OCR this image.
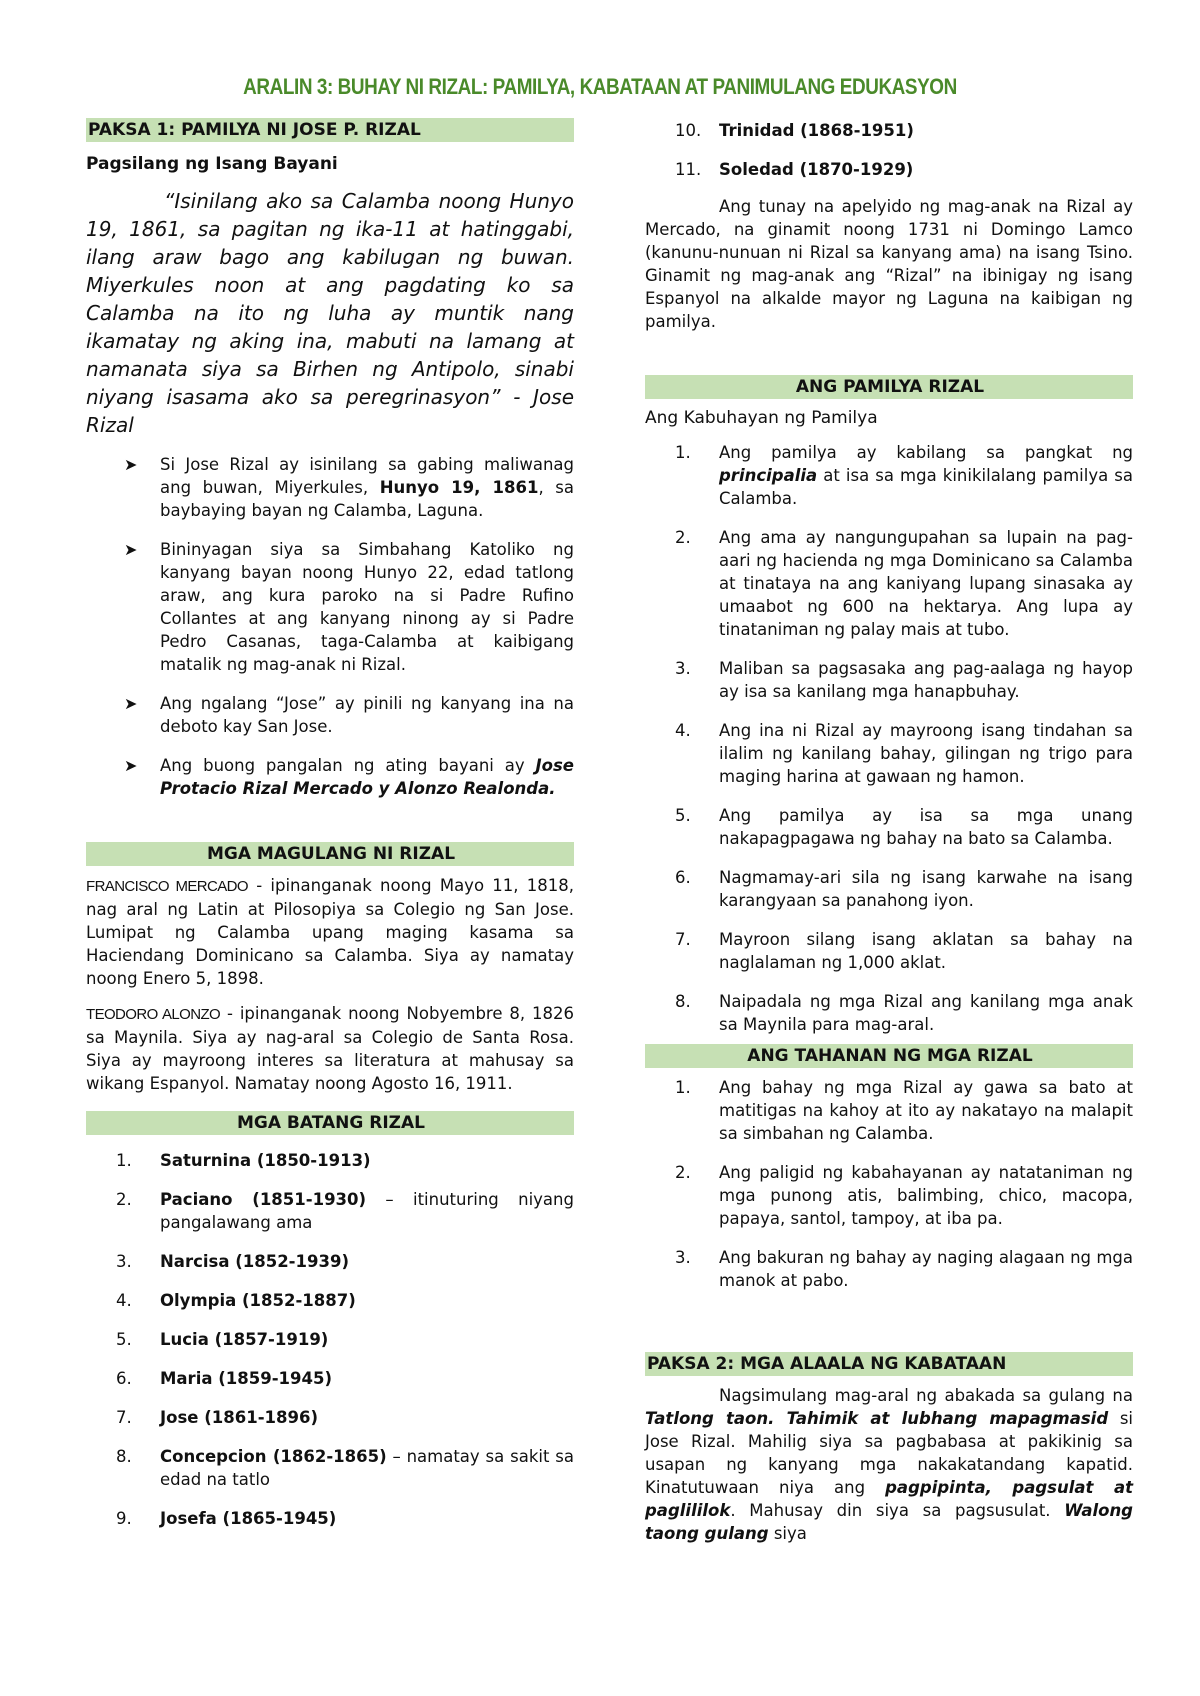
ARALIN 3: BUHAY NI RIZAL: PAMILYA, KABATAAN AT PANIMULANG EDUKASYON
PAKSA 1: PAMILYA NI JOSE P. RIZAL
Pagsilang ng Isang Bayani
“Isinilang ako sa Calamba noong Hunyo 19, 1861, sa pagitan ng ika-11 at hatinggabi, ilang araw bago ang kabilugan ng buwan. Miyerkules noon at ang pagdating ko sa Calamba na ito ng luha ay muntik nang ikamatay ng aking ina, mabuti na lamang at namanata siya sa Birhen ng Antipolo, sinabi niyang isasama ako sa peregrinasyon” - Jose Rizal
➤ Si Jose Rizal ay isinilang sa gabing maliwanag ang buwan, Miyerkules, Hunyo 19, 1861, sa baybaying bayan ng Calamba, Laguna.
➤ Bininyagan siya sa Simbahang Katoliko ng kanyang bayan noong Hunyo 22, edad tatlong araw, ang kura paroko na si Padre Rufino Collantes at ang kanyang ninong ay si Padre Pedro Casanas, taga-Calamba at kaibigang matalik ng mag-anak ni Rizal.
➤ Ang ngalang “Jose” ay pinili ng kanyang ina na deboto kay San Jose.
➤ Ang buong pangalan ng ating bayani ay Jose Protacio Rizal Mercado y Alonzo Realonda.
MGA MAGULANG NI RIZAL
FRANCISCO MERCADO - ipinanganak noong Mayo 11, 1818, nag aral ng Latin at Pilosopiya sa Colegio ng San Jose. Lumipat ng Calamba upang maging kasama sa Haciendang Dominicano sa Calamba. Siya ay namatay noong Enero 5, 1898.
TEODORO ALONZO - ipinanganak noong Nobyembre 8, 1826 sa Maynila. Siya ay nag-aral sa Colegio de Santa Rosa. Siya ay mayroong interes sa literatura at mahusay sa wikang Espanyol. Namatay noong Agosto 16, 1911.
MGA BATANG RIZAL
1.	Saturnina (1850-1913)
2.	Paciano (1851-1930) – itinuturing niyang pangalawang ama
3.	Narcisa (1852-1939)
4.	Olympia (1852-1887)
5.	Lucia (1857-1919)
6.	Maria (1859-1945)
7.	Jose (1861-1896)
8.	Concepcion (1862-1865) – namatay sa sakit sa edad na tatlo
9.	Josefa (1865-1945)
10.	Trinidad (1868-1951)
11.	Soledad (1870-1929)
Ang tunay na apelyido ng mag-anak na Rizal ay Mercado, na ginamit noong 1731 ni Domingo Lamco (kanunu-nunuan ni Rizal sa kanyang ama) na isang Tsino. Ginamit ng mag-anak ang “Rizal” na ibinigay ng isang Espanyol na alkalde mayor ng Laguna na kaibigan ng pamilya.
ANG PAMILYA RIZAL
Ang Kabuhayan ng Pamilya
1.	Ang pamilya ay kabilang sa pangkat ng principalia at isa sa mga kinikilalang pamilya sa Calamba.
2.	Ang ama ay nangungupahan sa lupain na pag-aari ng hacienda ng mga Dominicano sa Calamba at tinataya na ang kaniyang lupang sinasaka ay umaabot ng 600 na hektarya. Ang lupa ay tinataniman ng palay mais at tubo.
3.	Maliban sa pagsasaka ang pag-aalaga ng hayop ay isa sa kanilang mga hanapbuhay.
4.	Ang ina ni Rizal ay mayroong isang tindahan sa ilalim ng kanilang bahay, gilingan ng trigo para maging harina at gawaan ng hamon.
5.	Ang pamilya ay isa sa mga unang nakapagpagawa ng bahay na bato sa Calamba.
6.	Nagmamay-ari sila ng isang karwahe na isang karangyaan sa panahong iyon.
7.	Mayroon silang isang aklatan sa bahay na naglalaman ng 1,000 aklat.
8.	Naipadala ng mga Rizal ang kanilang mga anak sa Maynila para mag-aral.
ANG TAHANAN NG MGA RIZAL
1.	Ang bahay ng mga Rizal ay gawa sa bato at matitigas na kahoy at ito ay nakatayo na malapit sa simbahan ng Calamba.
2.	Ang paligid ng kabahayanan ay natataniman ng mga punong atis, balimbing, chico, macopa, papaya, santol, tampoy, at iba pa.
3.	Ang bakuran ng bahay ay naging alagaan ng mga manok at pabo.
PAKSA 2: MGA ALAALA NG KABATAAN
Nagsimulang mag-aral ng abakada sa gulang na Tatlong taon. Tahimik at lubhang mapagmasid si Jose Rizal. Mahilig siya sa pagbabasa at pakikinig sa usapan ng kanyang mga nakakatandang kapatid. Kinatutuwaan niya ang pagpipinta, pagsulat at paglililok. Mahusay din siya sa pagsusulat. Walong taong gulang siya
